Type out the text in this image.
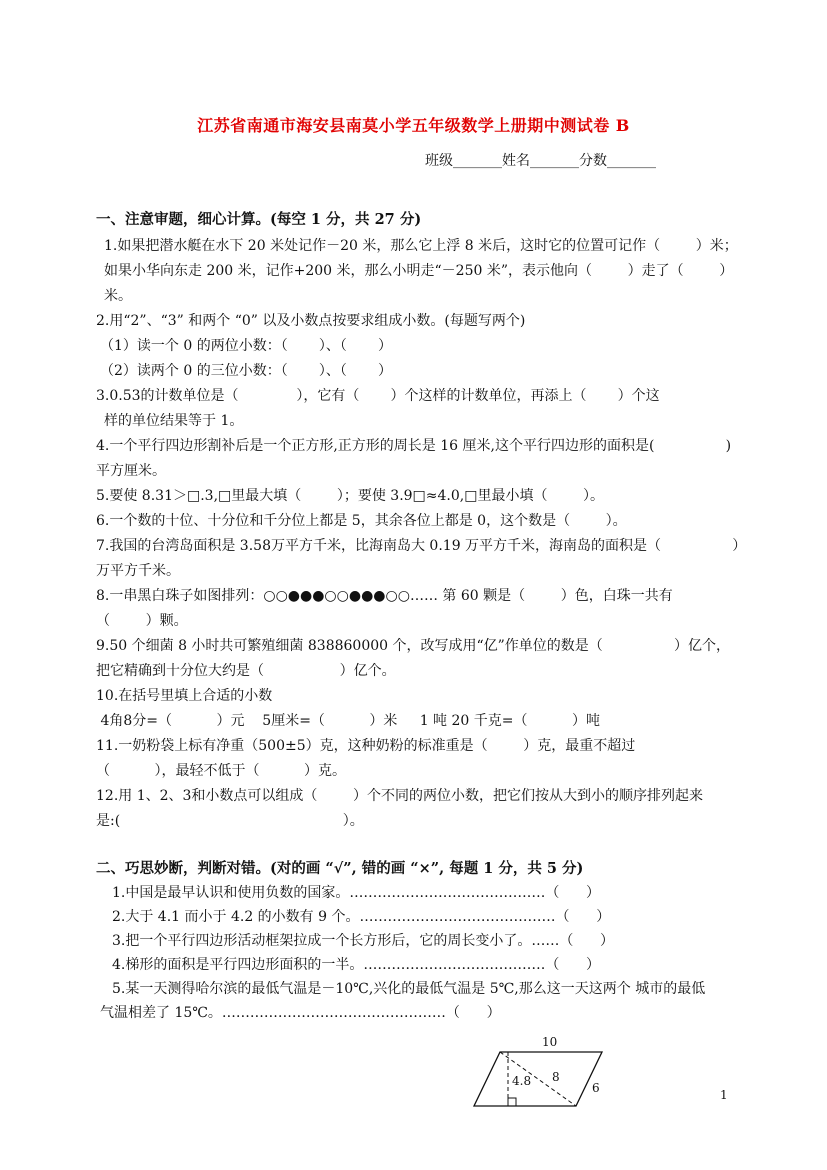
江苏省南通市海安县南莫小学五年级数学上册期中测试卷 B
班级_______姓名_______分数_______
一、注意审题，细心计算。(每空 1 分，共 27 分)
1.如果把潜水艇在水下 20 米处记作－20 米，那么它上浮 8 米后，这时它的位置可记作（        ）米；
如果小华向东走 200 米，记作+200 米，那么小明走“－250 米”，表示他向（        ）走了（        ）
米。
2.用“2”、“3” 和两个 “0” 以及小数点按要求组成小数。(每题写两个)
（1）读一个 0 的两位小数：（       ）、（       ）
（2）读两个 0 的三位小数：（       ）、（       ）
3.0.53的计数单位是（             ），它有（       ）个这样的计数单位，再添上（       ）个这
样的单位结果等于 1。
4.一个平行四边形割补后是一个正方形,正方形的周长是 16 厘米,这个平行四边形的面积是(                )
平方厘米。
5.要使 8.31＞□.3,□里最大填（        ）；要使 3.9□≈4.0,□里最小填（        ）。
6.一个数的十位、十分位和千分位上都是 5，其余各位上都是 0，这个数是（        ）。
7.我国的台湾岛面积是 3.58万平方千米，比海南岛大 0.19 万平方千米，海南岛的面积是（                ）
万平方千米。
8.一串黑白珠子如图排列：○○●●●○○●●●○○…… 第 60 颗是（        ）色，白珠一共有
（        ）颗。
9.50 个细菌 8 小时共可繁殖细菌 838860000 个，改写成用“亿”作单位的数是（                ）亿个，
把它精确到十分位大约是（                 ）亿个。
10.在括号里填上合适的小数
4角8分=（          ）元    5厘米=（          ）米     1 吨 20 千克=（          ）吨
11.一奶粉袋上标有净重（500±5）克，这种奶粉的标准重是（        ）克，最重不超过
（          ），最轻不低于（          ）克。
12.用 1、2、3和小数点可以组成（        ）个不同的两位小数，把它们按从大到小的顺序排列起来
是:(                                                  ）。
二、巧思妙断，判断对错。(对的画 “√”, 错的画 “×”, 每题 1 分，共 5 分)
1.中国是最早认识和使用负数的国家。……………………………………（      ）
2.大于 4.1 而小于 4.2 的小数有 9 个。……………………………………（      ）
3.把一个平行四边形活动框架拉成一个长方形后，它的周长变小了。……（      ）
4.梯形的面积是平行四边形面积的一半。…………………………………（      ）
5.某一天测得哈尔滨的最低气温是－10℃,兴化的最低气温是 5℃,那么这一天这两个 城市的最低
气温相差了 15℃。…………………………………………（      ）
10
4.8 8
6	1
